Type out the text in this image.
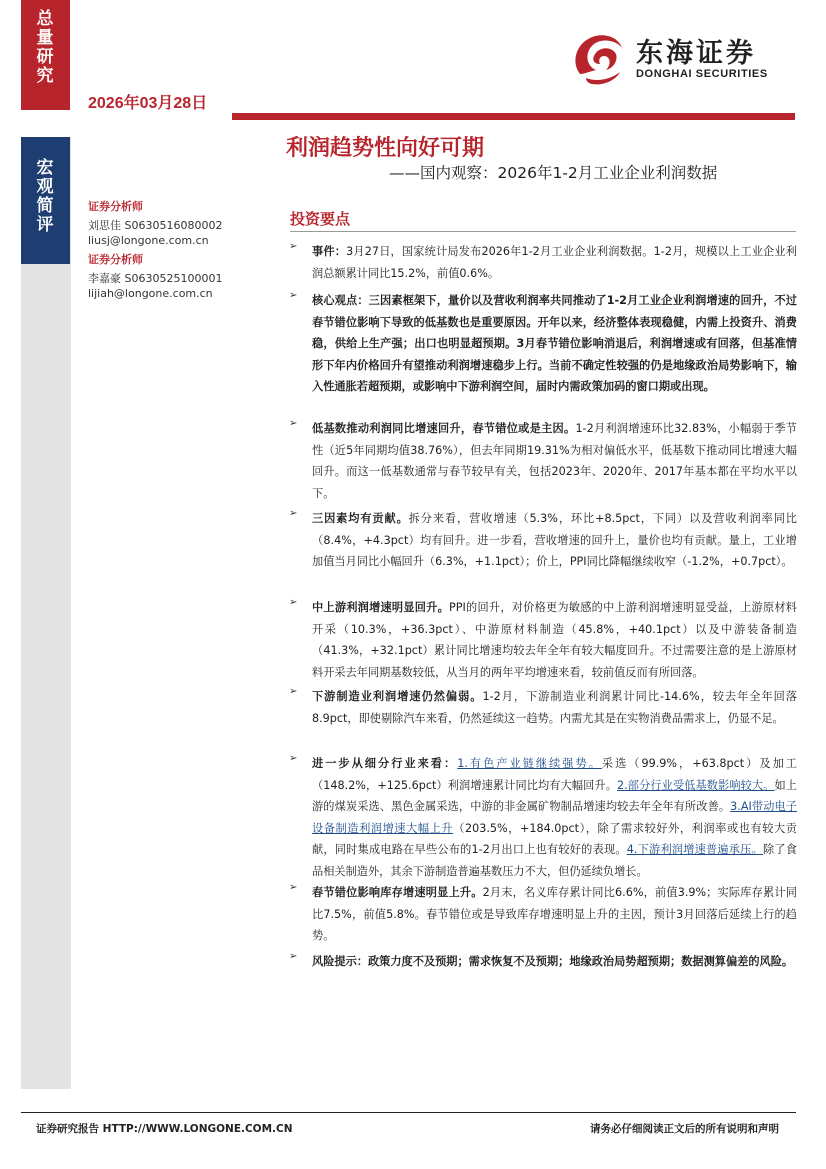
总量研究
2026年03月28日
东海证券
DONGHAI SECURITIES
宏观简评
证券分析师
刘思佳 S0630516080002
liusj@longone.com.cn
证券分析师
李嘉豪 S0630525100001
lijiah@longone.com.cn
利润趋势性向好可期
——国内观察：2026年1-2月工业企业利润数据
投资要点
➢ 事件：3月27日，国家统计局发布2026年1-2月工业企业利润数据。1-2月，规模以上工业企业利润总额累计同比15.2%，前值0.6%。
➢ 核心观点：三因素框架下，量价以及营收利润率共同推动了1-2月工业企业利润增速的回升，不过春节错位影响下导致的低基数也是重要原因。开年以来，经济整体表现稳健，内需上投资升、消费稳，供给上生产强；出口也明显超预期。3月春节错位影响消退后，利润增速或有回落，但基准情形下年内价格回升有望推动利润增速稳步上行。当前不确定性较强的仍是地缘政治局势影响下，输入性通胀若超预期，或影响中下游利润空间，届时内需政策加码的窗口期或出现。
➢ 低基数推动利润同比增速回升，春节错位或是主因。1-2月利润增速环比32.83%，小幅弱于季节性（近5年同期均值38.76%），但去年同期19.31%为相对偏低水平，低基数下推动同比增速大幅回升。而这一低基数通常与春节较早有关，包括2023年、2020年、2017年基本都在平均水平以下。
➢ 三因素均有贡献。拆分来看，营收增速（5.3%，环比+8.5pct，下同）以及营收利润率同比（8.4%，+4.3pct）均有回升。进一步看，营收增速的回升上，量价也均有贡献。量上，工业增加值当月同比小幅回升（6.3%，+1.1pct）；价上，PPI同比降幅继续收窄（-1.2%，+0.7pct）。
➢ 中上游利润增速明显回升。PPI的回升，对价格更为敏感的中上游利润增速明显受益，上游原材料开采（10.3%，+36.3pct）、中游原材料制造（45.8%，+40.1pct）以及中游装备制造（41.3%，+32.1pct）累计同比增速均较去年全年有较大幅度回升。不过需要注意的是上游原材料开采去年同期基数较低，从当月的两年平均增速来看，较前值反而有所回落。
➢ 下游制造业利润增速仍然偏弱。1-2月，下游制造业利润累计同比-14.6%，较去年全年回落8.9pct，即使剔除汽车来看，仍然延续这一趋势。内需尤其是在实物消费品需求上，仍显不足。
➢ 进一步从细分行业来看：1.有色产业链继续强势。采选（99.9%，+63.8pct）及加工（148.2%，+125.6pct）利润增速累计同比均有大幅回升。2.部分行业受低基数影响较大。如上游的煤炭采选、黑色金属采选，中游的非金属矿物制品增速均较去年全年有所改善。3.AI带动电子设备制造利润增速大幅上升（203.5%，+184.0pct），除了需求较好外，利润率或也有较大贡献，同时集成电路在早些公布的1-2月出口上也有较好的表现。4.下游利润增速普遍承压。除了食品相关制造外，其余下游制造普遍基数压力不大，但仍延续负增长。
➢ 春节错位影响库存增速明显上升。2月末，名义库存累计同比6.6%，前值3.9%；实际库存累计同比7.5%，前值5.8%。春节错位或是导致库存增速明显上升的主因，预计3月回落后延续上行的趋势。
➢ 风险提示：政策力度不及预期；需求恢复不及预期；地缘政治局势超预期；数据测算偏差的风险。
证券研究报告 HTTP://WWW.LONGONE.COM.CN	请务必仔细阅读正文后的所有说明和声明
